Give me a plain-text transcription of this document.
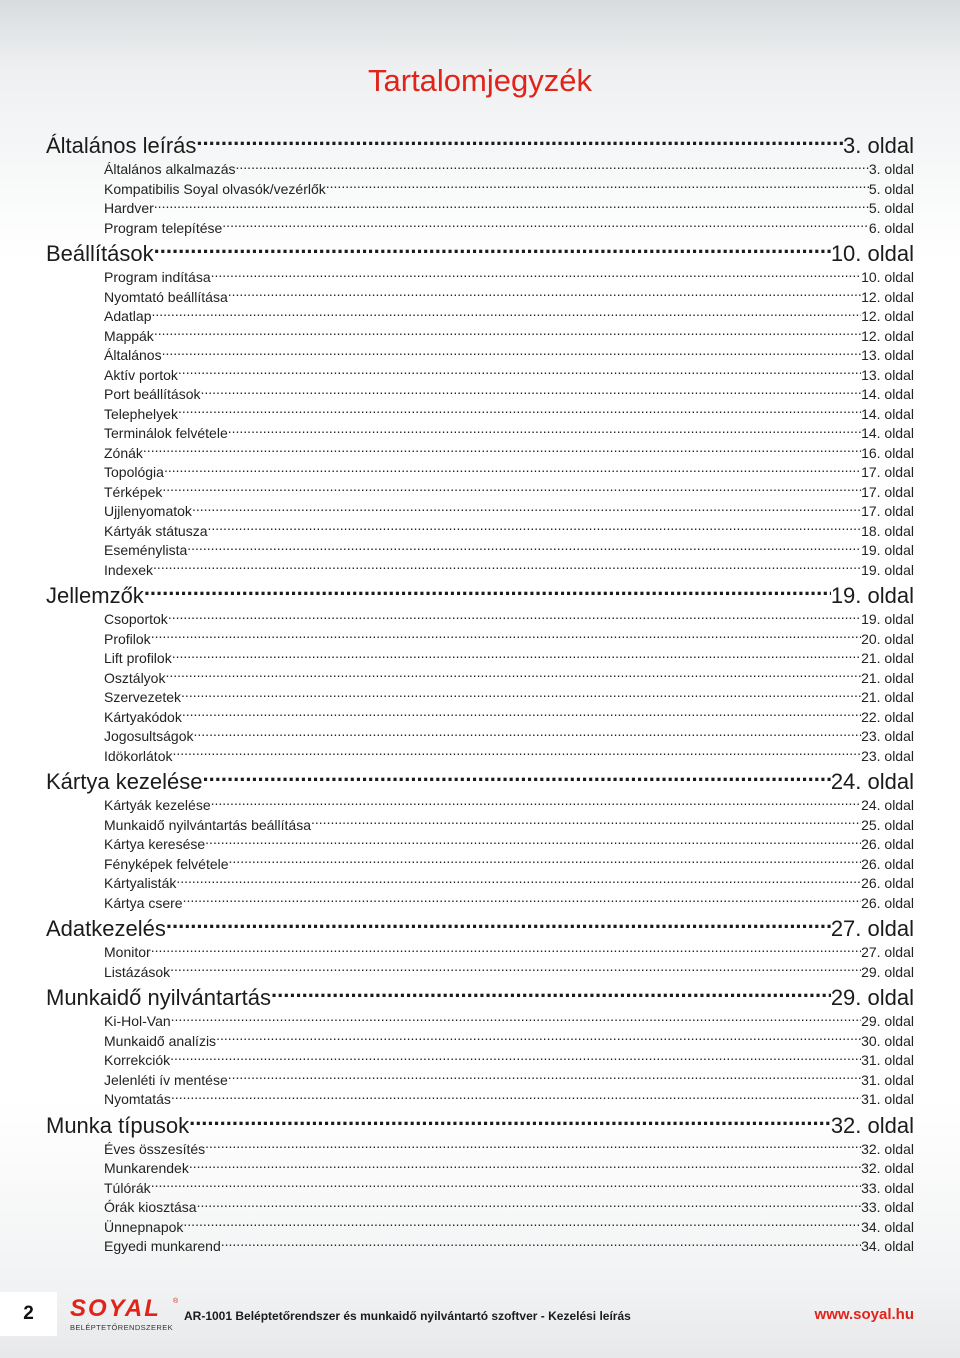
Tartalomjegyzék
Általános leírás .....	3. oldal
Általános alkalmazás .....	3. oldal
Kompatibilis Soyal olvasók/vezérlők .....	5. oldal
Hardver .....	5. oldal
Program telepítése .....	6. oldal
Beállítások .....	10. oldal
Program indítása .....	10. oldal
Nyomtató beállítása .....	12. oldal
Adatlap .....	12. oldal
Mappák .....	12. oldal
Általános .....	13. oldal
Aktív portok .....	13. oldal
Port beállítások .....	14. oldal
Telephelyek .....	14. oldal
Terminálok felvétele .....	14. oldal
Zónák .....	16. oldal
Topológia .....	17. oldal
Térképek .....	17. oldal
Ujjlenyomatok .....	17. oldal
Kártyák státusza .....	18. oldal
Eseménylista .....	19. oldal
Indexek .....	19. oldal
Jellemzők .....	19. oldal
Csoportok .....	19. oldal
Profilok .....	20. oldal
Lift profilok .....	21. oldal
Osztályok .....	21. oldal
Szervezetek .....	21. oldal
Kártyakódok .....	22. oldal
Jogosultságok .....	23. oldal
Idökorlátok .....	23. oldal
Kártya kezelése .....	24. oldal
Kártyák kezelése .....	24. oldal
Munkaidő nyilvántartás beállítása .....	25. oldal
Kártya keresése .....	26. oldal
Fényképek felvétele .....	26. oldal
Kártyalisták .....	26. oldal
Kártya csere .....	26. oldal
Adatkezelés .....	27. oldal
Monitor .....	27. oldal
Listázások .....	29. oldal
Munkaidő nyilvántartás .....	29. oldal
Ki-Hol-Van .....	29. oldal
Munkaidő analízis .....	30. oldal
Korrekciók .....	31. oldal
Jelenléti ív mentése .....	31. oldal
Nyomtatás .....	31. oldal
Munka típusok .....	32. oldal
Éves összesítés .....	32. oldal
Munkarendek .....	32. oldal
Túlórák .....	33. oldal
Órák kiosztása .....	33. oldal
Ünnepnapok .....	34. oldal
Egyedi munkarend .....	34. oldal
2	SOYAL ®
BELÉPTETŐRENDSZEREK
AR-1001 Beléptetőrendszer és munkaidő nyilvántartó szoftver - Kezelési leírás	www.soyal.hu
